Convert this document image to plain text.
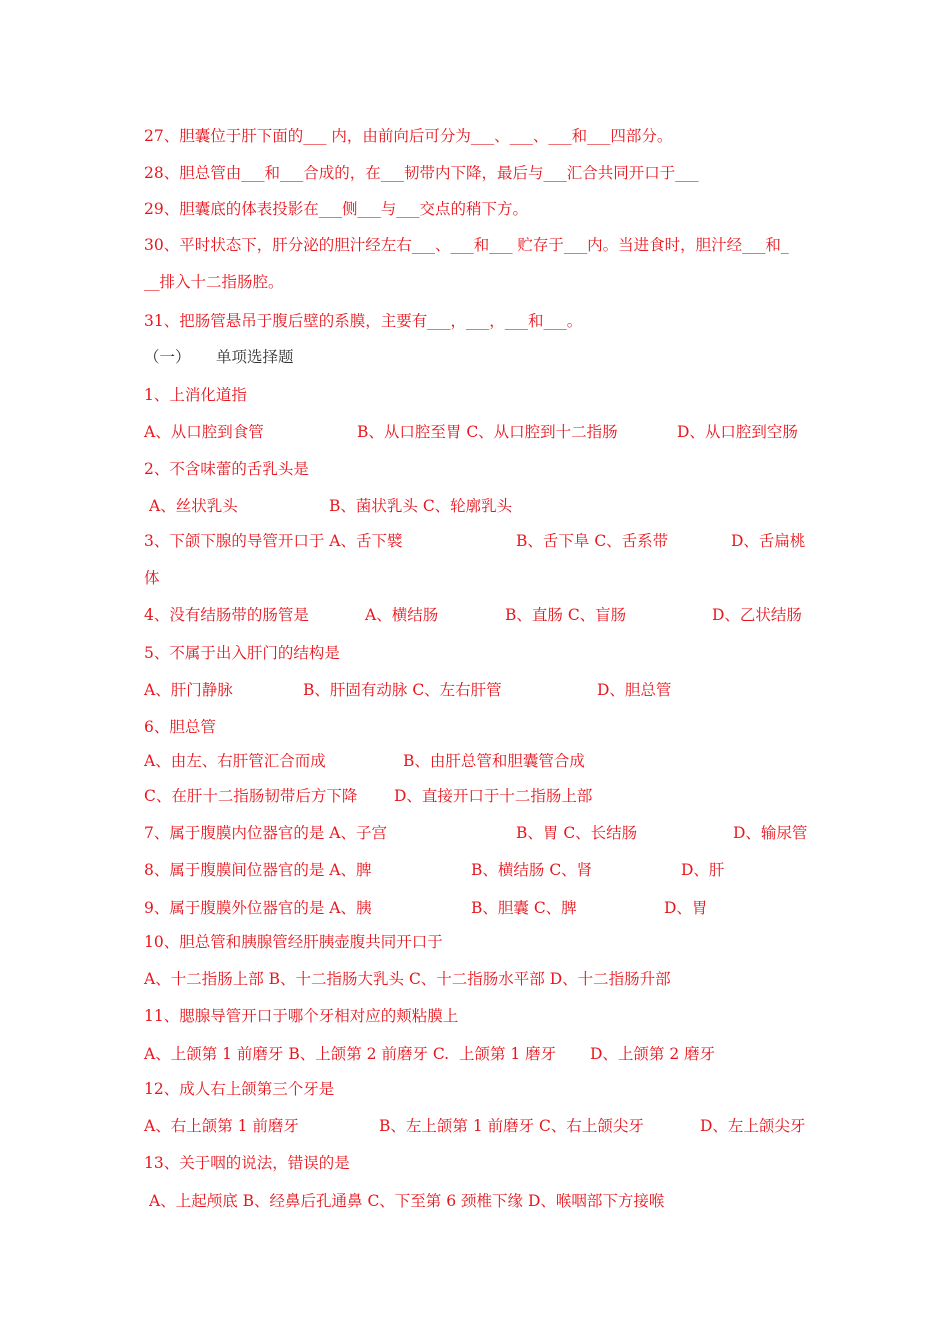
27、胆囊位于肝下面的___ 内，由前向后可分为___、___、___和___四部分。

28、胆总管由___和___合成的，在___韧带内下降，最后与___汇合共同开口于___

29、胆囊底的体表投影在___侧___与___交点的稍下方。

30、平时状态下，肝分泌的胆汁经左右___、___和___ 贮存于___内。当进食时，胆汁经___和_

__排入十二指肠腔。

31、把肠管悬吊于腹后壁的系膜，主要有___，___，___和___。

（一）

单项选择题

1、上消化道指

A、从口腔到食管

	B、从口腔至胃 C、从口腔到十二指肠

	D、从口腔到空肠

2、不含味蕾的舌乳头是

A、丝状乳头

	B、菌状乳头 C、轮廓乳头

3、下颌下腺的导管开口于 A、舌下襞

	B、舌下阜 C、舌系带

	D、舌扁桃

体

4、没有结肠带的肠管是

	A、横结肠

	B、直肠 C、盲肠

	D、乙状结肠

5、不属于出入肝门的结构是

A、肝门静脉

	B、肝固有动脉 C、左右肝管

	D、胆总管

6、胆总管

A、由左、右肝管汇合而成

	B、由肝总管和胆囊管合成

C、在肝十二指肠韧带后方下降

D、直接开口于十二指肠上部

7、属于腹膜内位器官的是 A、子宫

	B、胃 C、长结肠

	D、输尿管

8、属于腹膜间位器官的是 A、脾

	B、横结肠 C、肾

	D、肝

9、属于腹膜外位器官的是 A、胰

	B、胆囊 C、脾

	D、胃

10、胆总管和胰腺管经肝胰壶腹共同开口于

A、十二指肠上部 B、十二指肠大乳头 C、十二指肠水平部 D、十二指肠升部

11、腮腺导管开口于哪个牙相对应的颊粘膜上

A、上颌第 1 前磨牙 B、上颌第 2 前磨牙 C.  上颌第 1 磨牙

D、上颌第 2 磨牙

12、成人右上颌第三个牙是

A、右上颌第 1 前磨牙

	B、左上颌第 1 前磨牙 C、右上颌尖牙

	D、左上颌尖牙

13、关于咽的说法，错误的是

A、上起颅底 B、经鼻后孔通鼻 C、下至第 6 颈椎下缘 D、喉咽部下方接喉
